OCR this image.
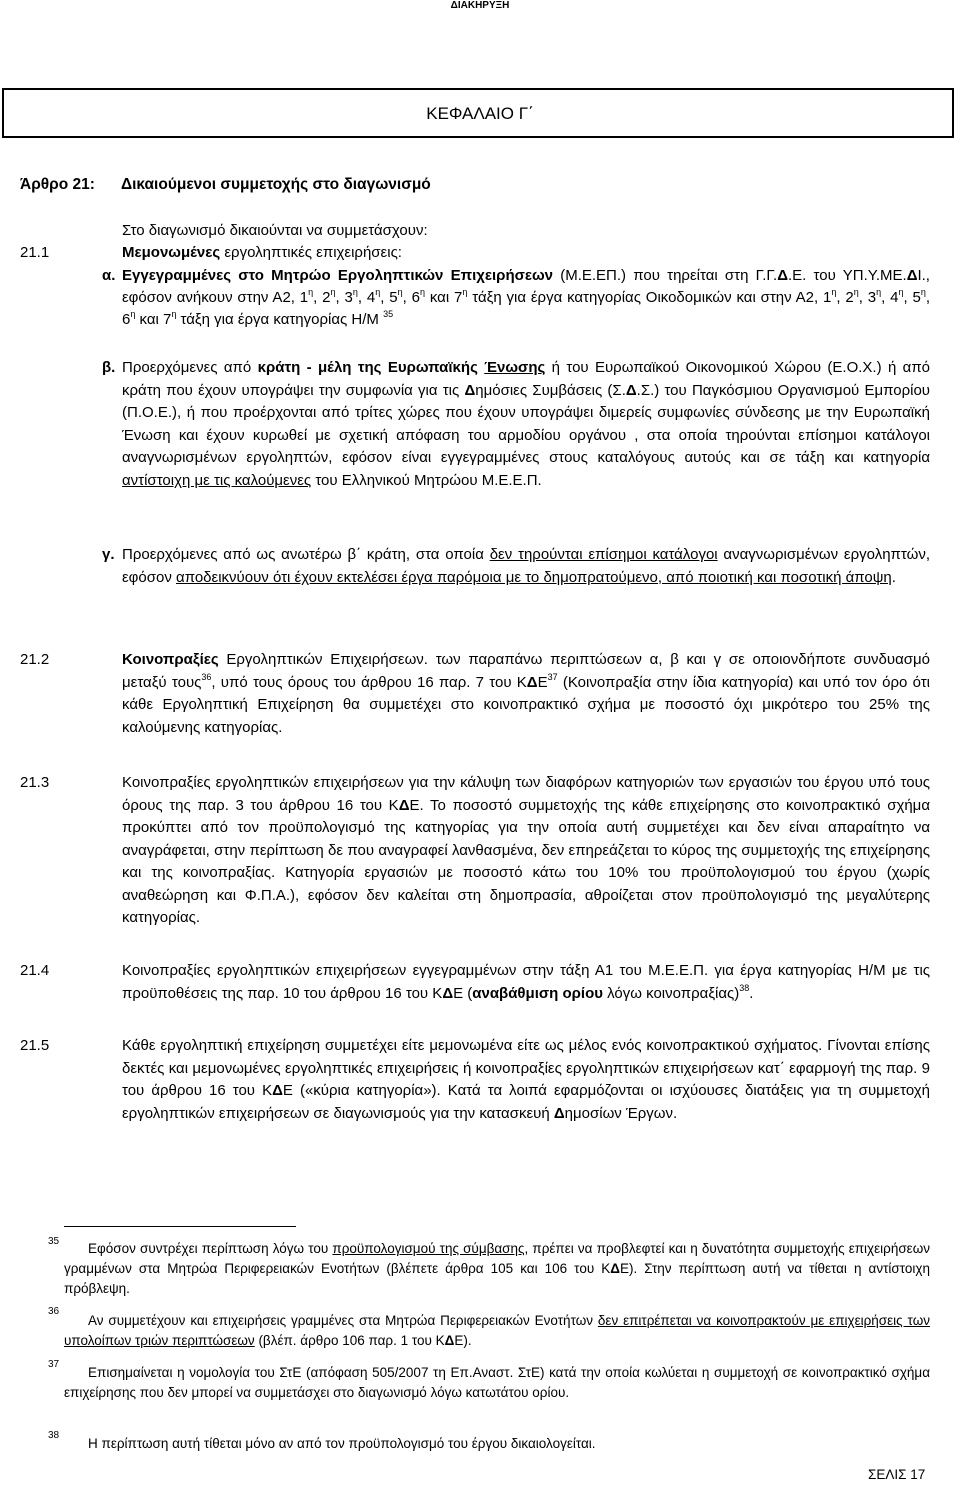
ΔΙΑΚΗΡΥΞΗ
ΚΕΦΑΛΑΙΟ Γ΄
Άρθρο 21: Δικαιούμενοι συμμετοχής στο διαγωνισμό
Στο διαγωνισμό δικαιούνται να συμμετάσχουν:
21.1	Μεμονωμένες εργοληπτικές επιχειρήσεις:
α. Εγγεγραμμένες στο Μητρώο Εργοληπτικών Επιχειρήσεων (Μ.Ε.ΕΠ.) που τηρείται στη Γ.Γ.Δ.Ε. του ΥΠ.Υ.ΜΕ.ΔΙ., εφόσον ανήκουν στην Α2, $1^\eta$, $2^\eta$, $3^\eta$, $4^\eta$, $5^\eta$, $6^\eta$ και $7^\eta$ τάξη για έργα κατηγορίας Οικοδομικών και στην Α2, $1^\eta$, $2^\eta$, $3^\eta$, $4^\eta$, $5^\eta$, $6^\eta$ και $7^\eta$ τάξη για έργα κατηγορίας Η/Μ $^{35}$
β. Προερχόμενες από κράτη - μέλη της Ευρωπαϊκής Ένωσης ή του Ευρωπαϊκού Οικονομικού Χώρου (Ε.Ο.Χ.) ή από κράτη που έχουν υπογράψει την συμφωνία για τις Δημόσιες Συμβάσεις (Σ.Δ.Σ.) του Παγκόσμιου Οργανισμού Εμπορίου (Π.Ο.Ε.), ή που προέρχονται από τρίτες χώρες που έχουν υπογράψει διμερείς συμφωνίες σύνδεσης με την Ευρωπαϊκή Ένωση και έχουν κυρωθεί με σχετική απόφαση του αρμοδίου οργάνου , στα οποία τηρούνται επίσημοι κατάλογοι αναγνωρισμένων εργοληπτών, εφόσον είναι εγγεγραμμένες στους καταλόγους αυτούς και σε τάξη και κατηγορία αντίστοιχη με τις καλούμενες του Ελληνικού Μητρώου Μ.Ε.Ε.Π.
γ. Προερχόμενες από ως ανωτέρω β΄ κράτη, στα οποία δεν τηρούνται επίσημοι κατάλογοι αναγνωρισμένων εργοληπτών, εφόσον αποδεικνύουν ότι έχουν εκτελέσει έργα παρόμοια με το δημοπρατούμενο, από ποιοτική και ποσοτική άποψη.
21.2	Κοινοπραξίες Εργοληπτικών Επιχειρήσεων. των παραπάνω περιπτώσεων α, β και γ σε οποιονδήποτε συνδυασμό μεταξύ τους$^{36}$, υπό τους όρους του άρθρου 16 παρ. 7 του ΚΔΕ$^{37}$ (Κοινοπραξία στην ίδια κατηγορία) και υπό τον όρο ότι κάθε Εργοληπτική Επιχείρηση θα συμμετέχει στο κοινοπρακτικό σχήμα με ποσοστό όχι μικρότερο του 25% της καλούμενης κατηγορίας.
21.3	Κοινοπραξίες εργοληπτικών επιχειρήσεων για την κάλυψη των διαφόρων κατηγοριών των εργασιών του έργου υπό τους όρους της παρ. 3 του άρθρου 16 του ΚΔΕ. Το ποσοστό συμμετοχής της κάθε επιχείρησης στο κοινοπρακτικό σχήμα προκύπτει από τον προϋπολογισμό της κατηγορίας για την οποία αυτή συμμετέχει και δεν είναι απαραίτητο να αναγράφεται, στην περίπτωση δε που αναγραφεί λανθασμένα, δεν επηρεάζεται το κύρος της συμμετοχής της επιχείρησης και της κοινοπραξίας. Κατηγορία εργασιών με ποσοστό κάτω του 10% του προϋπολογισμού του έργου (χωρίς αναθεώρηση και Φ.Π.Α.), εφόσον δεν καλείται στη δημοπρασία, αθροίζεται στον προϋπολογισμό της μεγαλύτερης κατηγορίας.
21.4	Κοινοπραξίες εργοληπτικών επιχειρήσεων εγγεγραμμένων στην τάξη Α1 του Μ.Ε.Ε.Π. για έργα κατηγορίας Η/Μ με τις προϋποθέσεις της παρ. 10 του άρθρου 16 του ΚΔΕ (αναβάθμιση ορίου λόγω κοινοπραξίας)$^{38}$.
21.5	Κάθε εργοληπτική επιχείρηση συμμετέχει είτε μεμονωμένα είτε ως μέλος ενός κοινοπρακτικού σχήματος. Γίνονται επίσης δεκτές και μεμονωμένες εργοληπτικές επιχειρήσεις ή κοινοπραξίες εργοληπτικών επιχειρήσεων κατ΄ εφαρμογή της παρ. 9 του άρθρου 16 του ΚΔΕ («κύρια κατηγορία»). Κατά τα λοιπά εφαρμόζονται οι ισχύουσες διατάξεις για τη συμμετοχή εργοληπτικών επιχειρήσεων σε διαγωνισμούς για την κατασκευή Δημοσίων Έργων.
35	Εφόσον συντρέχει περίπτωση λόγω του προϋπολογισμού της σύμβασης, πρέπει να προβλεφτεί και η δυνατότητα συμμετοχής επιχειρήσεων γραμμένων στα Μητρώα Περιφερειακών Ενοτήτων (βλέπετε άρθρα 105 και 106 του ΚΔΕ). Στην περίπτωση αυτή να τίθεται η αντίστοιχη πρόβλεψη.
36
Αν συμμετέχουν και επιχειρήσεις γραμμένες στα Μητρώα Περιφερειακών Ενοτήτων δεν επιτρέπεται να κοινοπρακτούν με επιχειρήσεις των υπολοίπων τριών περιπτώσεων (βλέπ. άρθρο 106 παρ. 1 του ΚΔΕ).
37
Επισημαίνεται η νομολογία του ΣτΕ (απόφαση 505/2007 τη Επ.Αναστ. ΣτΕ) κατά την οποία κωλύεται η συμμετοχή σε κοινοπρακτικό σχήμα επιχείρησης που δεν μπορεί να συμμετάσχει στο διαγωνισμό λόγω κατωτάτου ορίου.
38
Η περίπτωση αυτή τίθεται μόνο αν από τον προϋπολογισμό του έργου δικαιολογείται.
ΣΕΛΙΣ 17
